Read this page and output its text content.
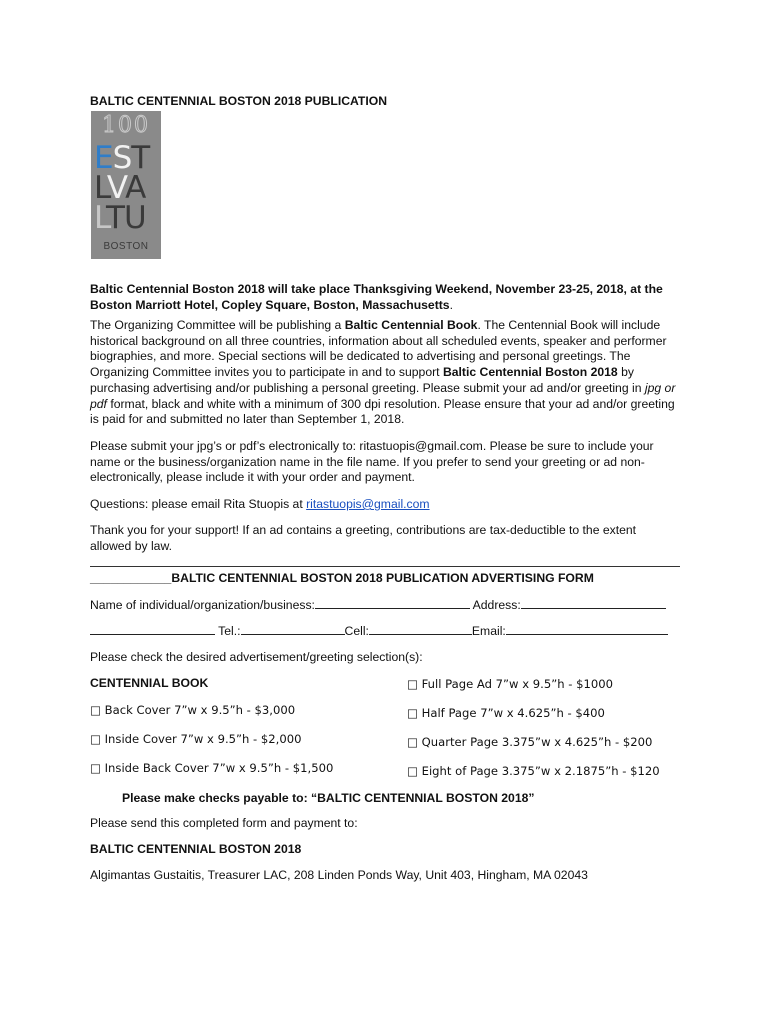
BALTIC CENTENNIAL BOSTON 2018 PUBLICATION
100
EST
LVA
LTU
BOSTON

Baltic Centennial Boston 2018 will take place Thanksgiving Weekend, November 23-25, 2018, at the Boston Marriott Hotel, Copley Square, Boston, Massachusetts.

The Organizing Committee will be publishing a Baltic Centennial Book. The Centennial Book will include historical background on all three countries, information about all scheduled events, speaker and performer biographies, and more. Special sections will be dedicated to advertising and personal greetings. The Organizing Committee invites you to participate in and to support Baltic Centennial Boston 2018 by purchasing advertising and/or publishing a personal greeting. Please submit your ad and/or greeting in jpg or pdf format, black and white with a minimum of 300 dpi resolution. Please ensure that your ad and/or greeting is paid for and submitted no later than September 1, 2018.

Please submit your jpg’s or pdf’s electronically to: ritastuopis@gmail.com. Please be sure to include your name or the business/organization name in the file name. If you prefer to send your greeting or ad non-electronically, please include it with your order and payment.

Questions: please email Rita Stuopis at ritastuopis@gmail.com

Thank you for your support! If an ad contains a greeting, contributions are tax-deductible to the extent allowed by law.

____________BALTIC CENTENNIAL BOSTON 2018 PUBLICATION ADVERTISING FORM
Name of individual/organization/business:	Address:
Tel.:	Cell:	Email:
Please check the desired advertisement/greeting selection(s):
CENTENNIAL BOOK
□ Back Cover 7”w x 9.5”h - $3,000
□ Inside Cover 7”w x 9.5”h - $2,000
□ Inside Back Cover 7”w x 9.5”h - $1,500
□ Full Page Ad 7”w x 9.5”h - $1000
□ Half Page 7”w x 4.625”h - $400
□ Quarter Page 3.375”w x 4.625”h - $200
□ Eight of Page 3.375”w x 2.1875”h - $120
Please make checks payable to: “BALTIC CENTENNIAL BOSTON 2018”
Please send this completed form and payment to:
BALTIC CENTENNIAL BOSTON 2018
Algimantas Gustaitis, Treasurer LAC, 208 Linden Ponds Way, Unit 403, Hingham, MA 02043
